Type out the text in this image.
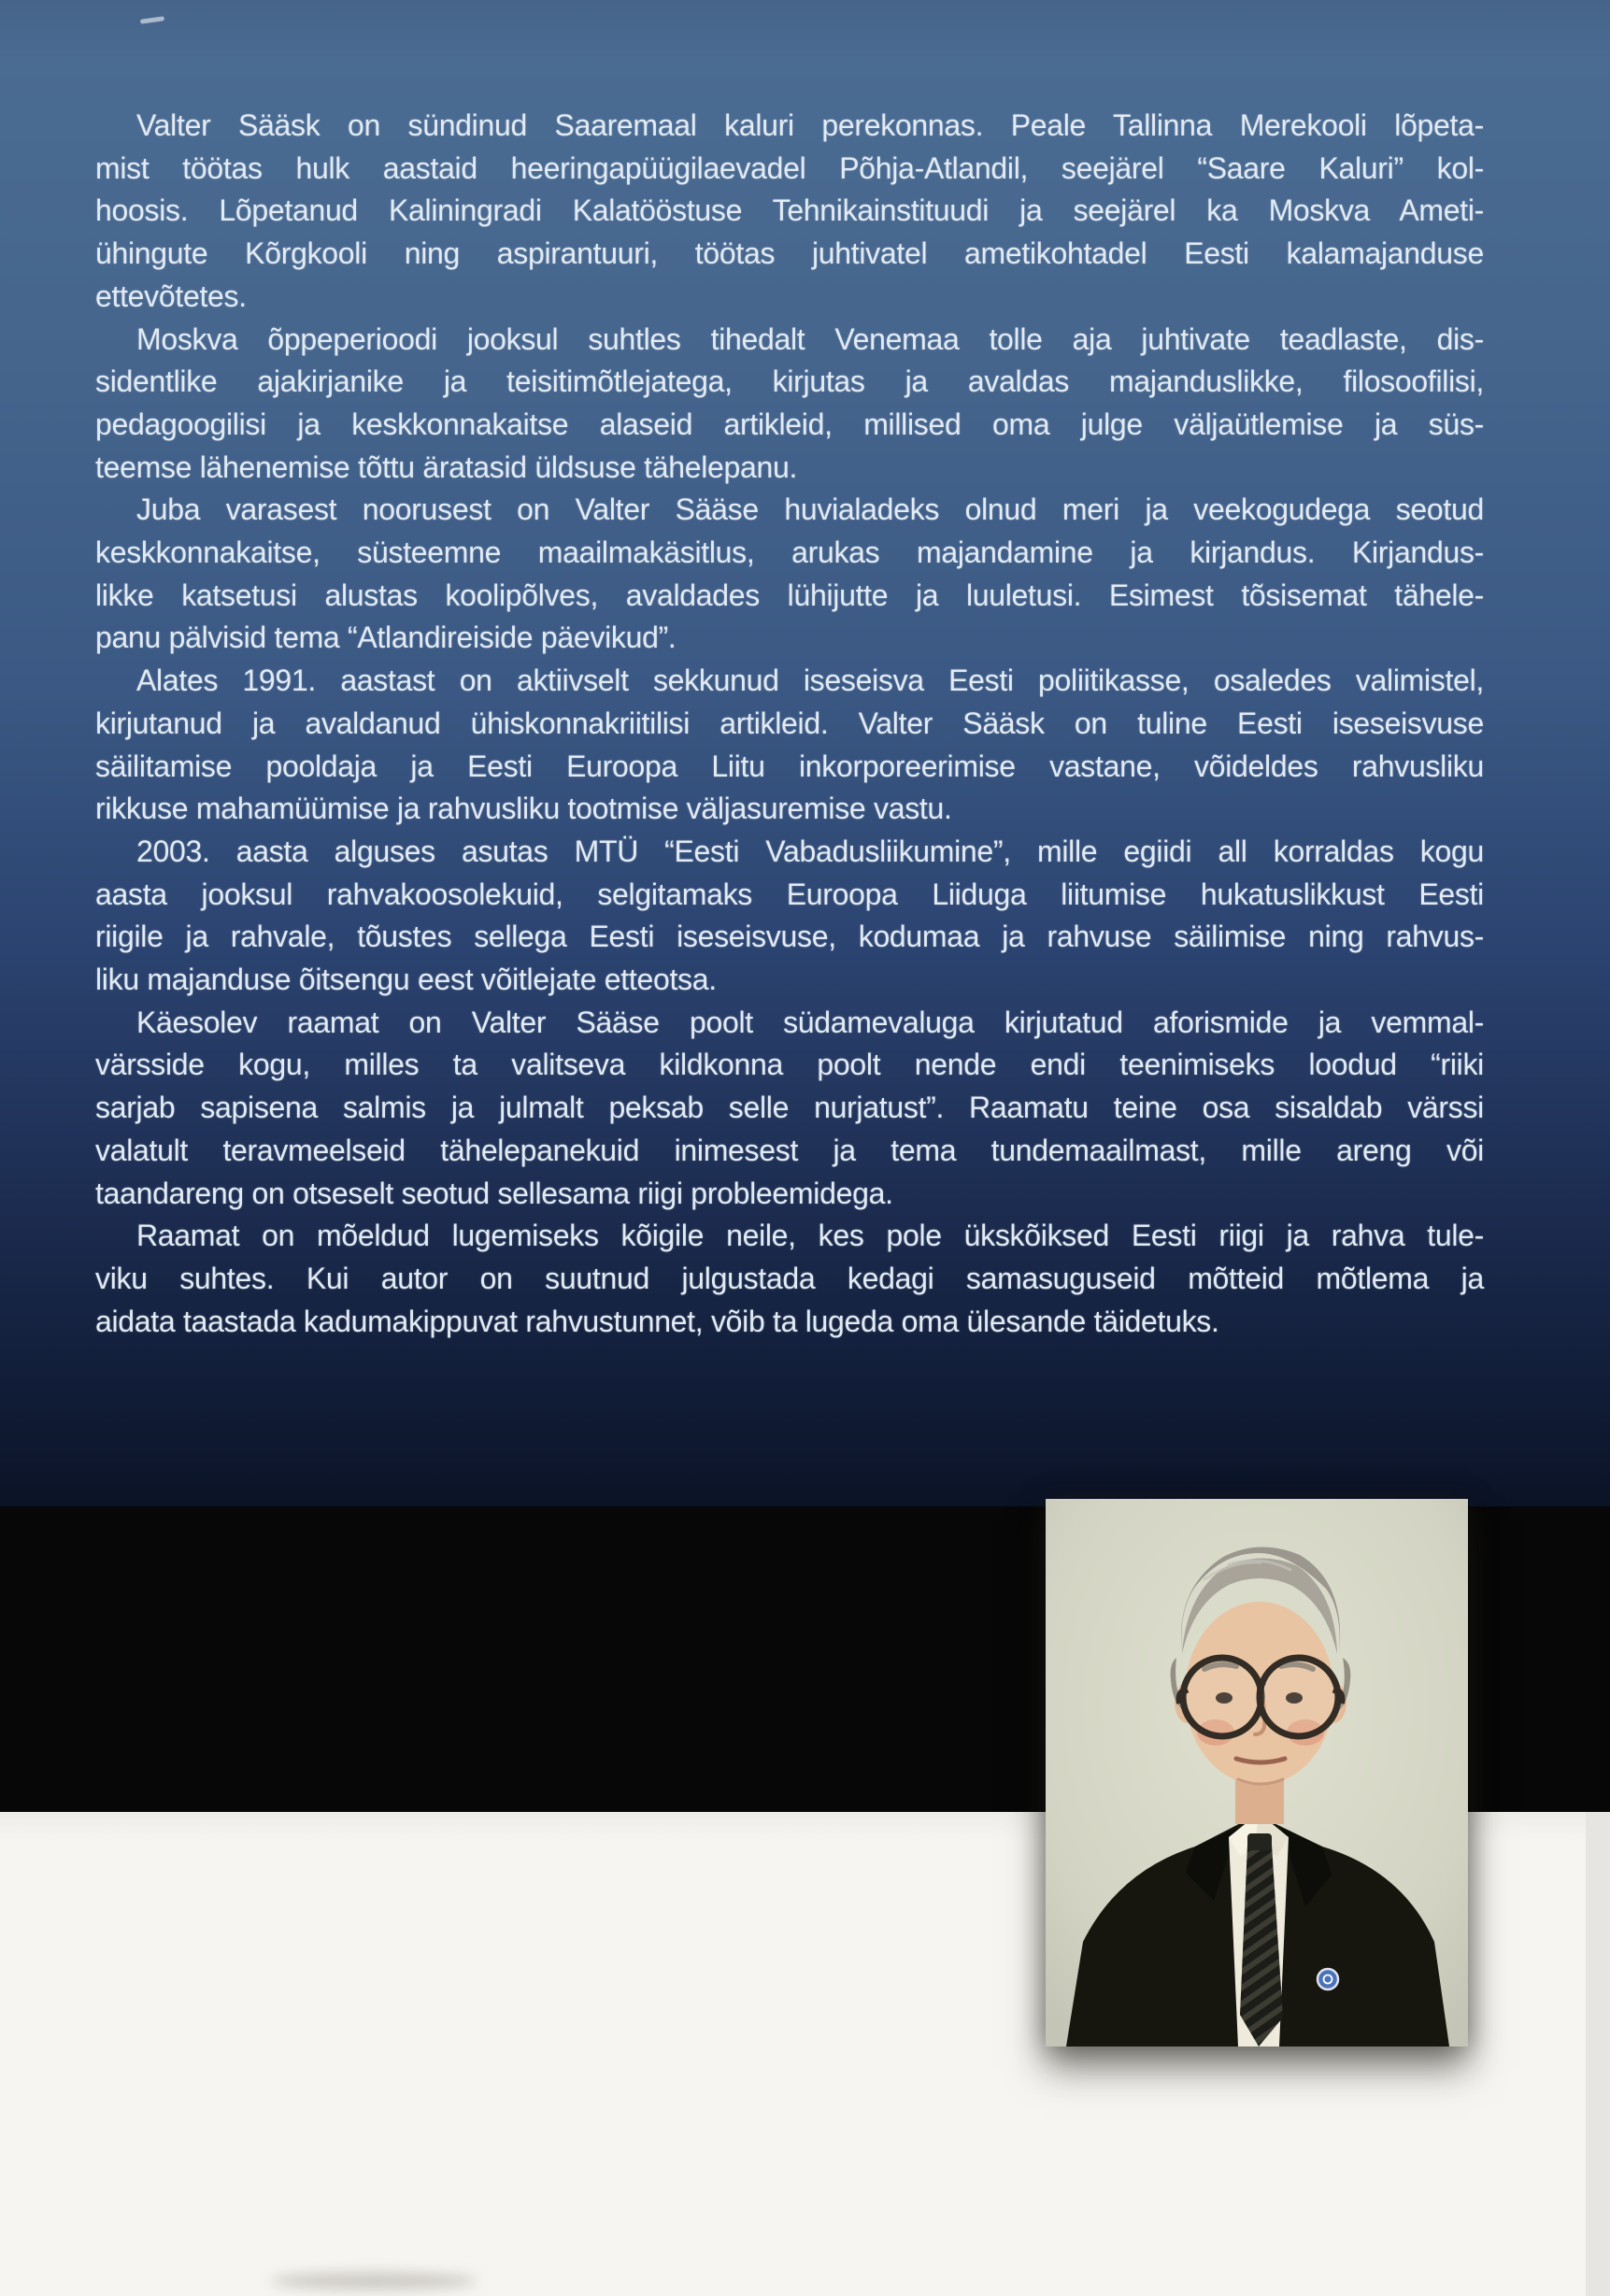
Valter Sääsk on sündinud Saaremaal kaluri perekonnas. Peale Tallinna Merekooli lõpeta-
mist töötas hulk aastaid heeringapüügilaevadel Põhja-Atlandil, seejärel “Saare Kaluri” kol-
hoosis. Lõpetanud Kaliningradi Kalatööstuse Tehnikainstituudi ja seejärel ka Moskva Ameti-
ühingute Kõrgkooli ning aspirantuuri, töötas juhtivatel ametikohtadel Eesti kalamajanduse
ettevõtetes.
Moskva õppeperioodi jooksul suhtles tihedalt Venemaa tolle aja juhtivate teadlaste, dis-
sidentlike ajakirjanike ja teisitimõtlejatega, kirjutas ja avaldas majanduslikke, filosoofilisi,
pedagoogilisi ja keskkonnakaitse alaseid artikleid, millised oma julge väljaütlemise ja süs-
teemse lähenemise tõttu äratasid üldsuse tähelepanu.
Juba varasest noorusest on Valter Sääse huvialadeks olnud meri ja veekogudega seotud
keskkonnakaitse, süsteemne maailmakäsitlus, arukas majandamine ja kirjandus. Kirjandus-
likke katsetusi alustas koolipõlves, avaldades lühijutte ja luuletusi. Esimest tõsisemat tähele-
panu pälvisid tema “Atlandireiside päevikud”.
Alates 1991. aastast on aktiivselt sekkunud iseseisva Eesti poliitikasse, osaledes valimistel,
kirjutanud ja avaldanud ühiskonnakriitilisi artikleid. Valter Sääsk on tuline Eesti iseseisvuse
säilitamise pooldaja ja Eesti Euroopa Liitu inkorporeerimise vastane, võideldes rahvusliku
rikkuse mahamüümise ja rahvusliku tootmise väljasuremise vastu.
2003. aasta alguses asutas MTÜ “Eesti Vabadusliikumine”, mille egiidi all korraldas kogu
aasta jooksul rahvakoosolekuid, selgitamaks Euroopa Liiduga liitumise hukatuslikkust Eesti
riigile ja rahvale, tõustes sellega Eesti iseseisvuse, kodumaa ja rahvuse säilimise ning rahvus-
liku majanduse õitsengu eest võitlejate etteotsa.
Käesolev raamat on Valter Sääse poolt südamevaluga kirjutatud aforismide ja vemmal-
värsside kogu, milles ta valitseva kildkonna poolt nende endi teenimiseks loodud “riiki
sarjab sapisena salmis ja julmalt peksab selle nurjatust”. Raamatu teine osa sisaldab värssi
valatult teravmeelseid tähelepanekuid inimesest ja tema tundemaailmast, mille areng või
taandareng on otseselt seotud sellesama riigi probleemidega.
Raamat on mõeldud lugemiseks kõigile neile, kes pole ükskõiksed Eesti riigi ja rahva tule-
viku suhtes. Kui autor on suutnud julgustada kedagi samasuguseid mõtteid mõtlema ja
aidata taastada kadumakippuvat rahvustunnet, võib ta lugeda oma ülesande täidetuks.
